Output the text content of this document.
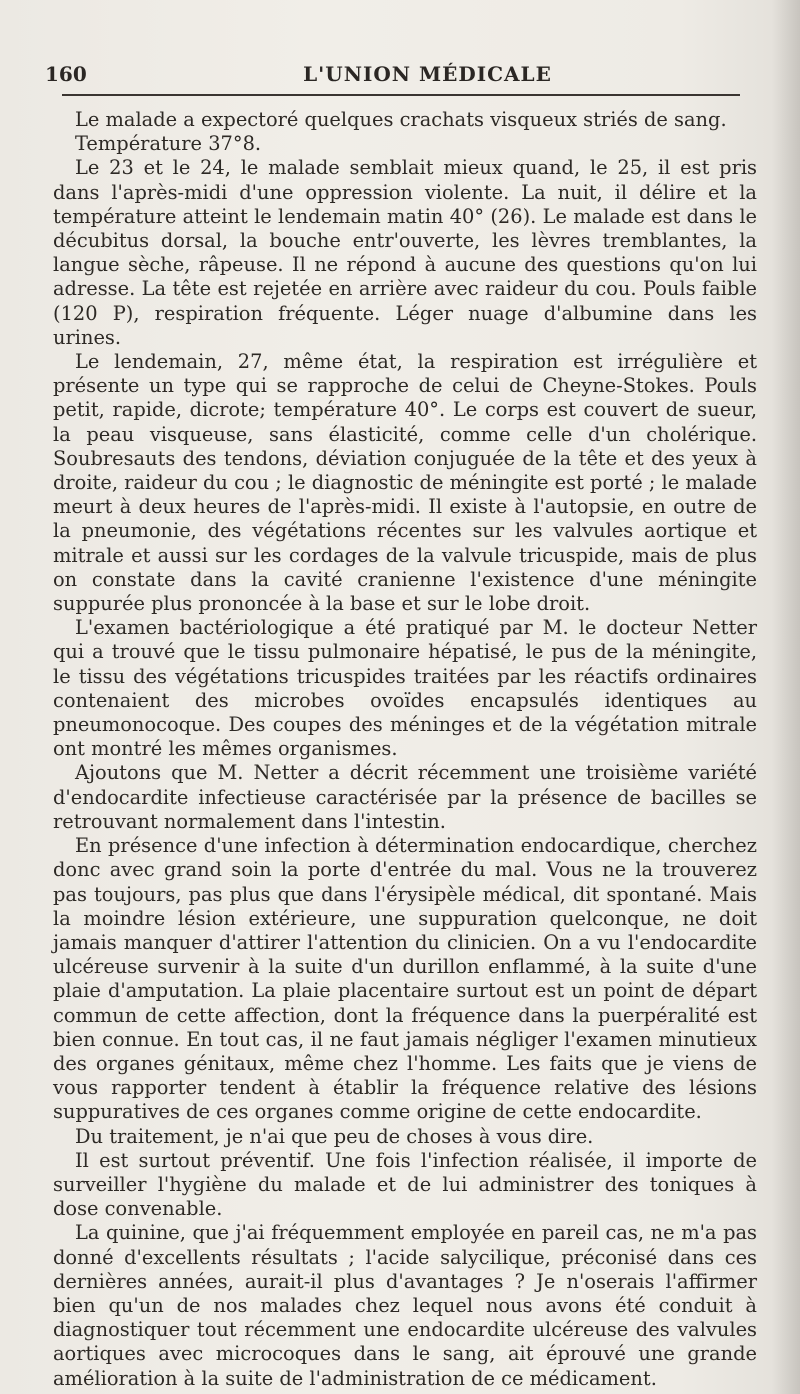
160	L'UNION MÉDICALE

Le malade a expectoré quelques crachats visqueux striés de sang.

Température 37°8.

Le 23 et le 24, le malade semblait mieux quand, le 25, il est pris dans l'après-midi d'une oppression violente. La nuit, il délire et la température atteint le lendemain matin 40° (26). Le malade est dans le décubitus dorsal, la bouche entr'ouverte, les lèvres tremblantes, la langue sèche, râpeuse. Il ne répond à aucune des questions qu'on lui adresse. La tête est rejetée en arrière avec raideur du cou. Pouls faible (120 P), respiration fréquente. Léger nuage d'albumine dans les urines.

Le lendemain, 27, même état, la respiration est irrégulière et présente un type qui se rapproche de celui de Cheyne-Stokes. Pouls petit, rapide, dicrote; température 40°. Le corps est couvert de sueur, la peau visqueuse, sans élasticité, comme celle d'un cholérique. Soubresauts des tendons, déviation conjuguée de la tête et des yeux à droite, raideur du cou ; le diagnostic de méningite est porté ; le malade meurt à deux heures de l'après-midi. Il existe à l'autopsie, en outre de la pneumonie, des végétations récentes sur les valvules aortique et mitrale et aussi sur les cordages de la valvule tricuspide, mais de plus on constate dans la cavité cranienne l'existence d'une méningite suppurée plus prononcée à la base et sur le lobe droit.

L'examen bactériologique a été pratiqué par M. le docteur Netter qui a trouvé que le tissu pulmonaire hépatisé, le pus de la méningite, le tissu des végétations tricuspides traitées par les réactifs ordinaires contenaient des microbes ovoïdes encapsulés identiques au pneumonocoque. Des coupes des méninges et de la végétation mitrale ont montré les mêmes organismes.

Ajoutons que M. Netter a décrit récemment une troisième variété d'endocardite infectieuse caractérisée par la présence de bacilles se retrouvant normalement dans l'intestin.

En présence d'une infection à détermination endocardique, cherchez donc avec grand soin la porte d'entrée du mal. Vous ne la trouverez pas toujours, pas plus que dans l'érysipèle médical, dit spontané. Mais la moindre lésion extérieure, une suppuration quelconque, ne doit jamais manquer d'attirer l'attention du clinicien. On a vu l'endocardite ulcéreuse survenir à la suite d'un durillon enflammé, à la suite d'une plaie d'amputation. La plaie placentaire surtout est un point de départ commun de cette affection, dont la fréquence dans la puerpéralité est bien connue. En tout cas, il ne faut jamais négliger l'examen minutieux des organes génitaux, même chez l'homme. Les faits que je viens de vous rapporter tendent à établir la fréquence relative des lésions suppuratives de ces organes comme origine de cette endocardite.

Du traitement, je n'ai que peu de choses à vous dire.

Il est surtout préventif. Une fois l'infection réalisée, il importe de surveiller l'hygiène du malade et de lui administrer des toniques à dose convenable.

La quinine, que j'ai fréquemment employée en pareil cas, ne m'a pas donné d'excellents résultats ; l'acide salycilique, préconisé dans ces dernières années, aurait-il plus d'avantages ? Je n'oserais l'affirmer bien qu'un de nos malades chez lequel nous avons été conduit à diagnostiquer tout récemment une endocardite ulcéreuse des valvules aortiques avec microcoques dans le sang, ait éprouvé une grande amélioration à la suite de l'administration de ce médicament.
